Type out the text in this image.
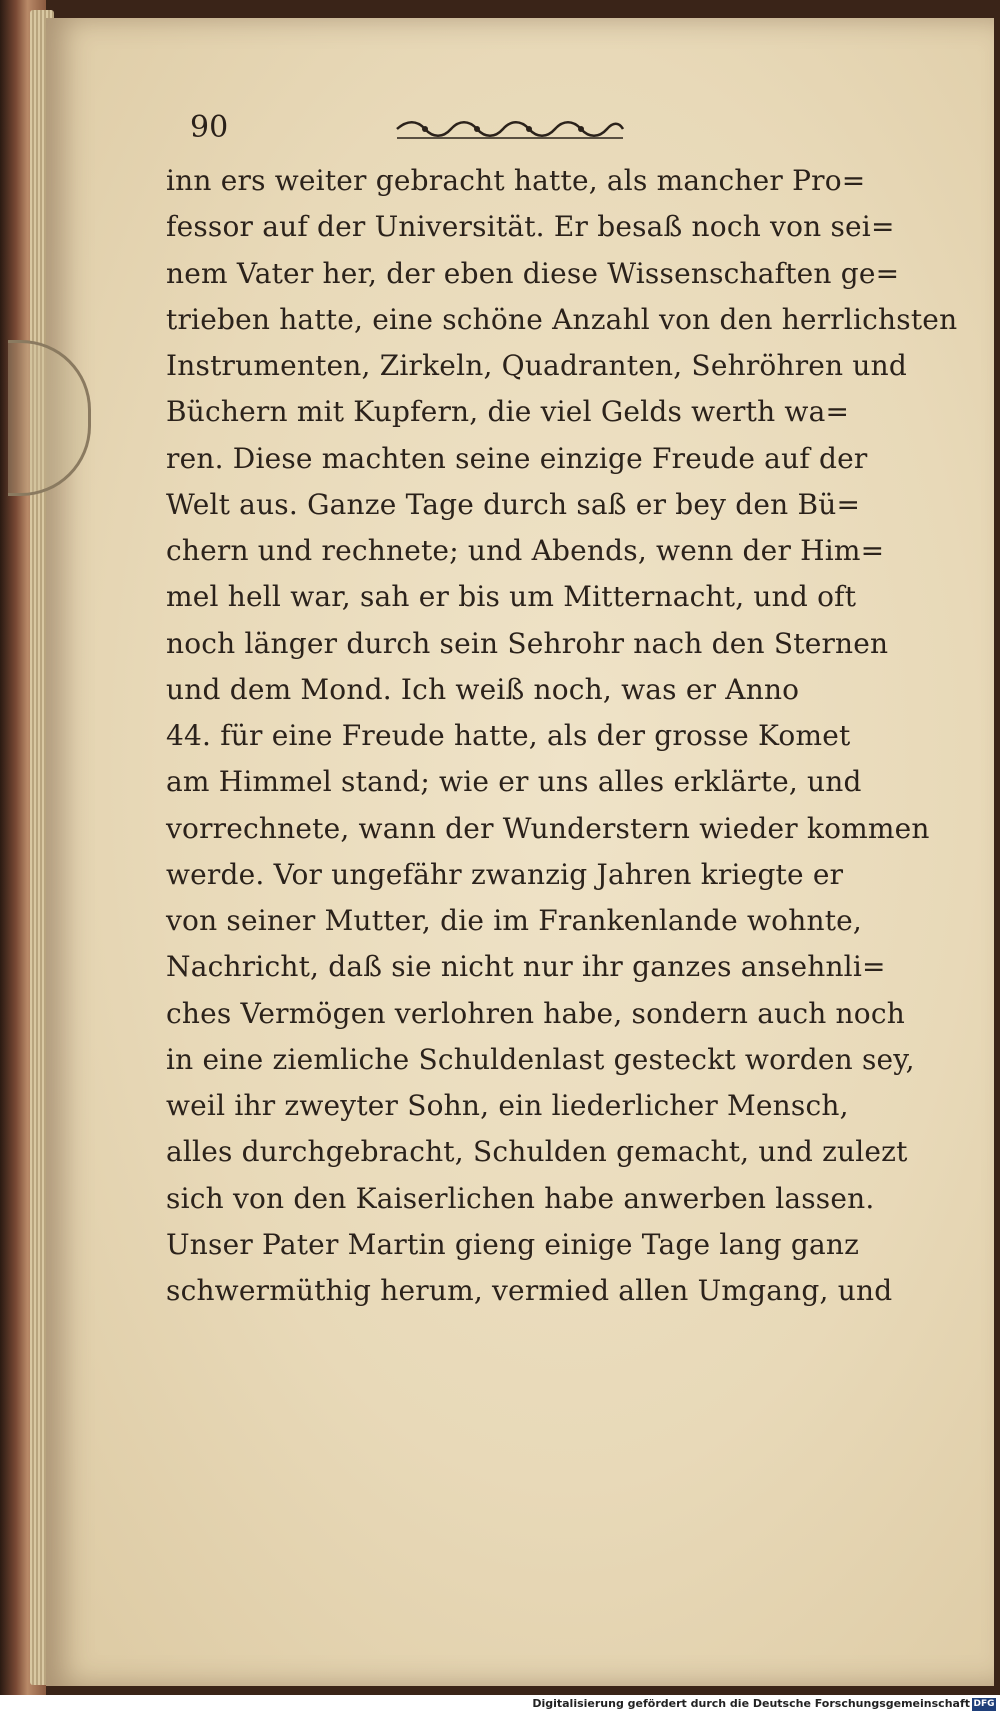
90
inn ers weiter gebracht hatte, als mancher Pro=
fessor auf der Universität. Er besaß noch von sei=
nem Vater her, der eben diese Wissenschaften ge=
trieben hatte, eine schöne Anzahl von den herrlichsten
Instrumenten, Zirkeln, Quadranten, Sehröhren und
Büchern mit Kupfern, die viel Gelds werth wa=
ren. Diese machten seine einzige Freude auf der
Welt aus. Ganze Tage durch saß er bey den Bü=
chern und rechnete; und Abends, wenn der Him=
mel hell war, sah er bis um Mitternacht, und oft
noch länger durch sein Sehrohr nach den Sternen
und dem Mond. Ich weiß noch, was er Anno
44. für eine Freude hatte, als der grosse Komet
am Himmel stand; wie er uns alles erklärte, und
vorrechnete, wann der Wunderstern wieder kommen
werde. Vor ungefähr zwanzig Jahren kriegte er
von seiner Mutter, die im Frankenlande wohnte,
Nachricht, daß sie nicht nur ihr ganzes ansehnli=
ches Vermögen verlohren habe, sondern auch noch
in eine ziemliche Schuldenlast gesteckt worden sey,
weil ihr zweyter Sohn, ein liederlicher Mensch,
alles durchgebracht, Schulden gemacht, und zulezt
sich von den Kaiserlichen habe anwerben lassen.
Unser Pater Martin gieng einige Tage lang ganz
schwermüthig herum, vermied allen Umgang, und
Digitalisierung gefördert durch die Deutsche Forschungsgemeinschaft DFG
